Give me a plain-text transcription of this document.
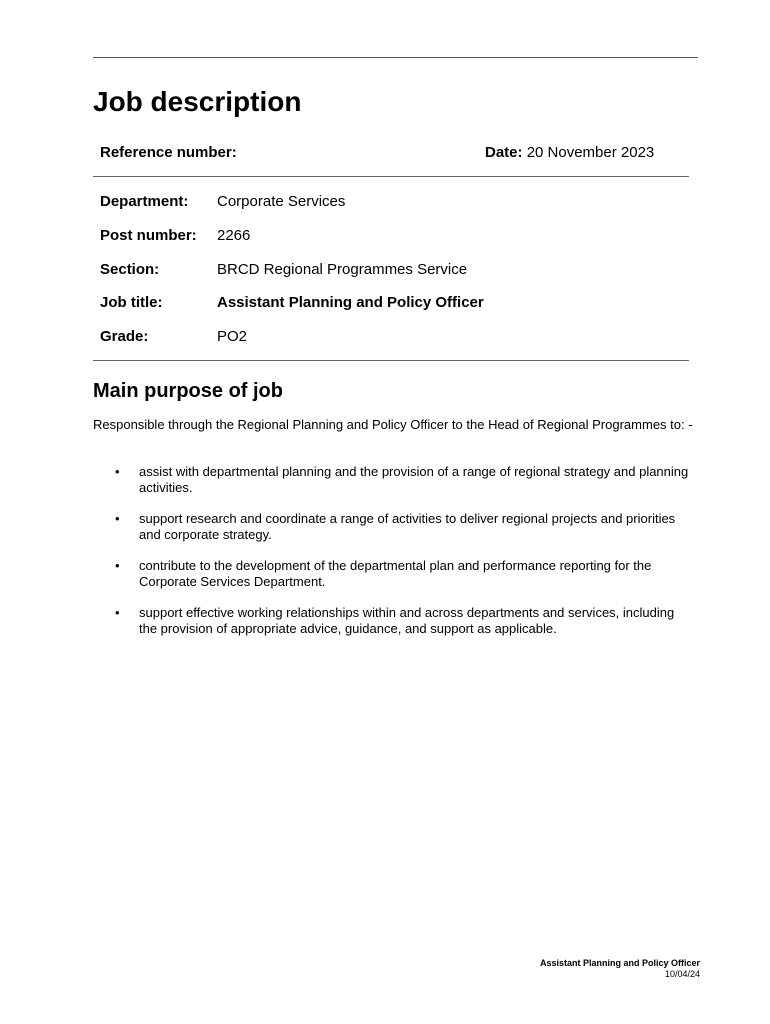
Job description
Reference number:	Date: 20 November 2023
Department: Corporate Services
Post number: 2266
Section:	BRCD Regional Programmes Service
Job title:	Assistant Planning and Policy Officer
Grade:	PO2
Main purpose of job

Responsible through the Regional Planning and Policy Officer to the Head of Regional Programmes to: -

• assist with departmental planning and the provision of a range of regional strategy and planning activities.
• support research and coordinate a range of activities to deliver regional projects and priorities and corporate strategy.
• contribute to the development of the departmental plan and performance reporting for the Corporate Services Department.
• support effective working relationships within and across departments and services, including the provision of appropriate advice, guidance, and support as applicable.
Assistant Planning and Policy Officer
10/04/24
